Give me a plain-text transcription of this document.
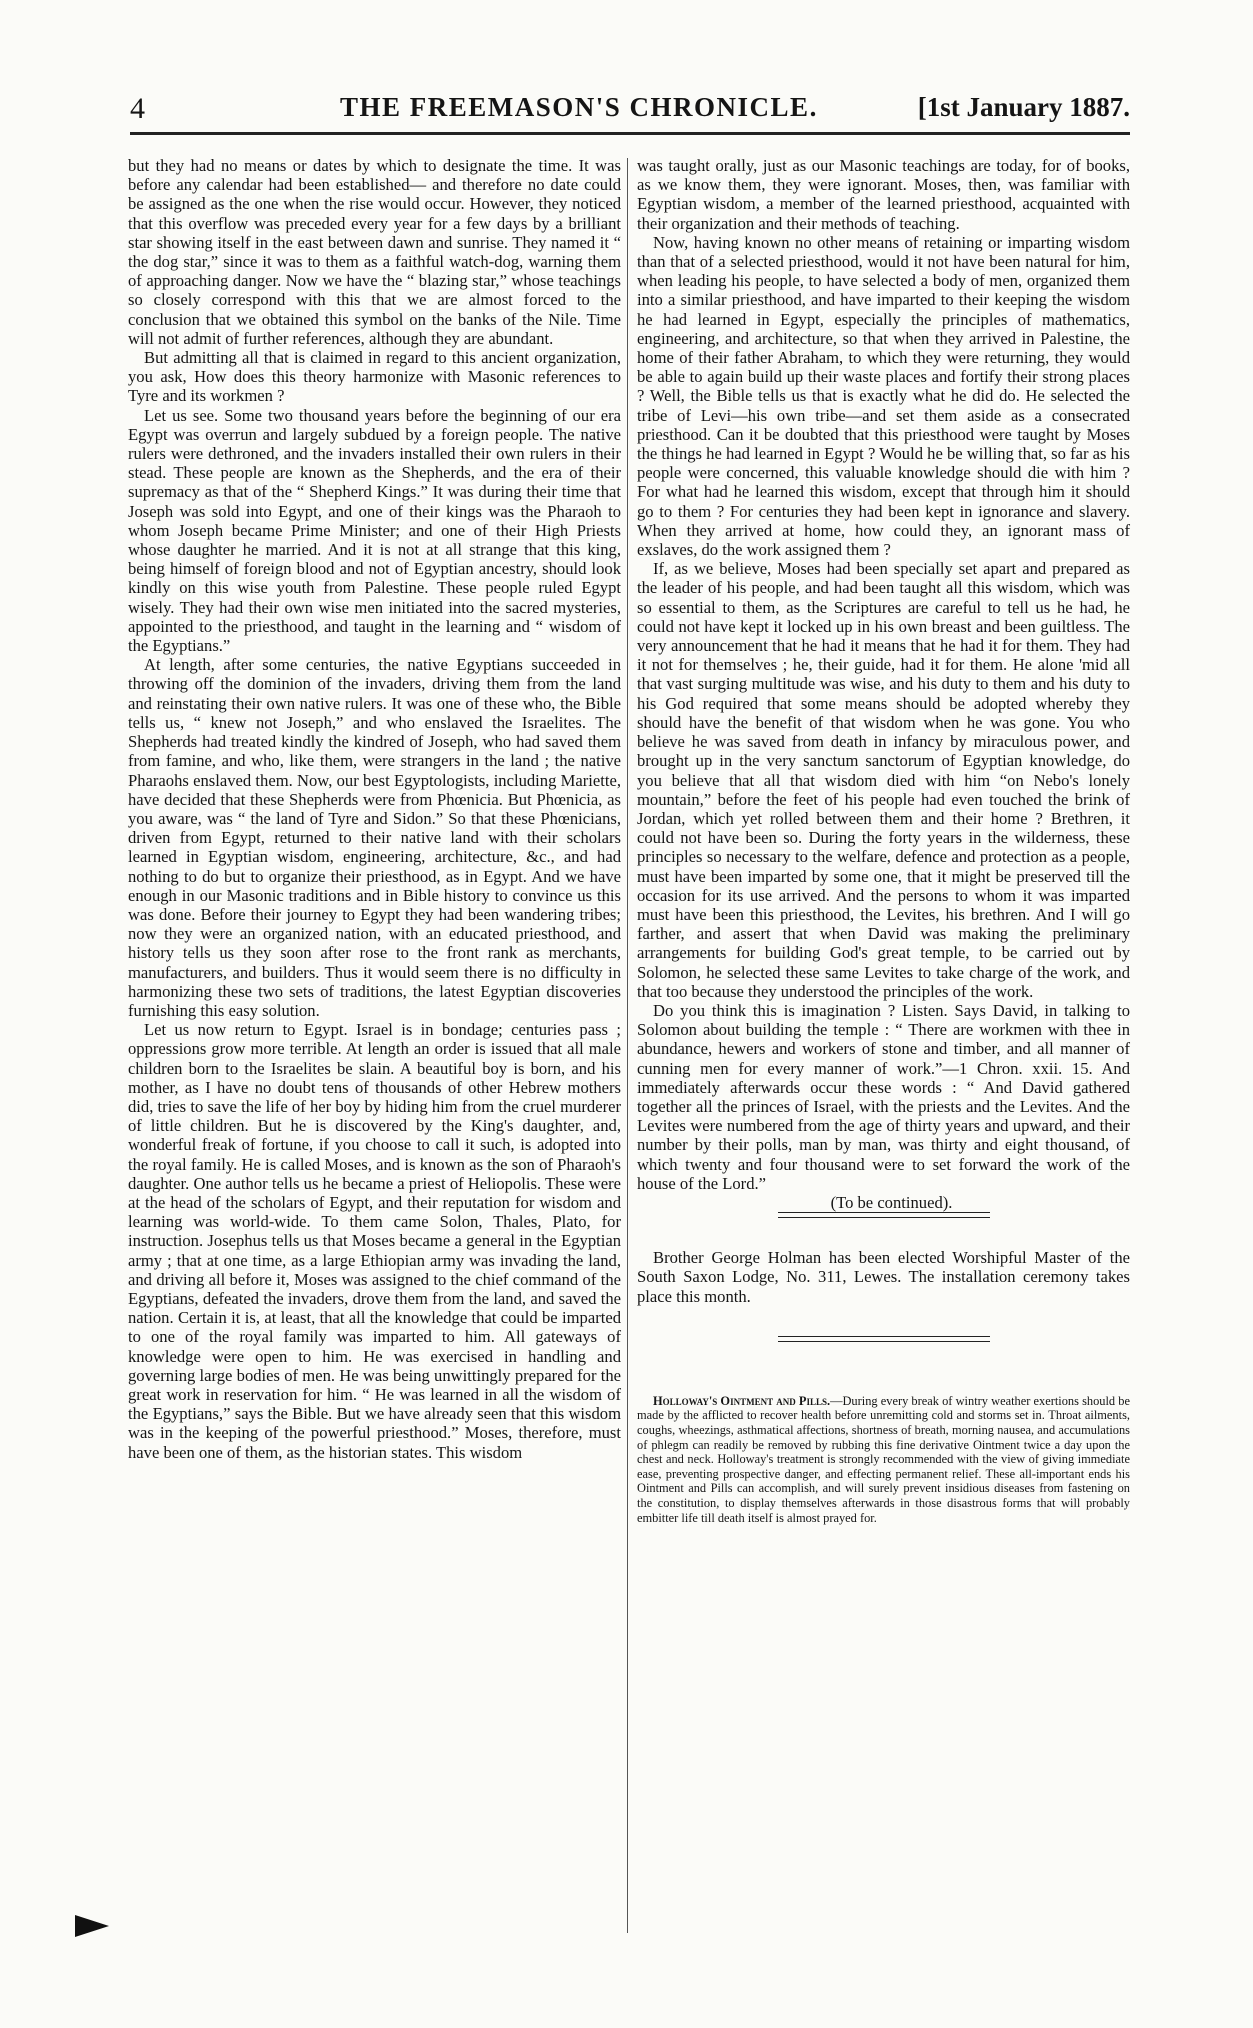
4	THE FREEMASON'S CHRONICLE.	[1st January 1887.

but they had no means or dates by which to designate the time. It was before any calendar had been established— and therefore no date could be assigned as the one when the rise would occur. However, they noticed that this overflow was preceded every year for a few days by a brilliant star showing itself in the east between dawn and sunrise. They named it “ the dog star,” since it was to them as a faithful watch-dog, warning them of approaching danger. Now we have the “ blazing star,” whose teachings so closely correspond with this that we are almost forced to the conclusion that we obtained this symbol on the banks of the Nile. Time will not admit of further references, although they are abundant.

But admitting all that is claimed in regard to this ancient organization, you ask, How does this theory harmonize with Masonic references to Tyre and its workmen ?

Let us see. Some two thousand years before the beginning of our era Egypt was overrun and largely subdued by a foreign people. The native rulers were dethroned, and the invaders installed their own rulers in their stead. These people are known as the Shepherds, and the era of their supremacy as that of the “ Shepherd Kings.” It was during their time that Joseph was sold into Egypt, and one of their kings was the Pharaoh to whom Joseph became Prime Minister; and one of their High Priests whose daughter he married. And it is not at all strange that this king, being himself of foreign blood and not of Egyptian ancestry, should look kindly on this wise youth from Palestine. These people ruled Egypt wisely. They had their own wise men initiated into the sacred mysteries, appointed to the priesthood, and taught in the learning and “ wisdom of the Egyptians.”

At length, after some centuries, the native Egyptians succeeded in throwing off the dominion of the invaders, driving them from the land and reinstating their own native rulers. It was one of these who, the Bible tells us, “ knew not Joseph,” and who enslaved the Israelites. The Shepherds had treated kindly the kindred of Joseph, who had saved them from famine, and who, like them, were strangers in the land ; the native Pharaohs enslaved them. Now, our best Egyptologists, including Mariette, have decided that these Shepherds were from Phœnicia. But Phœnicia, as you aware, was “ the land of Tyre and Sidon.” So that these Phœnicians, driven from Egypt, returned to their native land with their scholars learned in Egyptian wisdom, engineering, architecture, &c., and had nothing to do but to organize their priesthood, as in Egypt. And we have enough in our Masonic traditions and in Bible history to convince us this was done. Before their journey to Egypt they had been wandering tribes; now they were an organized nation, with an educated priesthood, and history tells us they soon after rose to the front rank as merchants, manufacturers, and builders. Thus it would seem there is no difficulty in harmonizing these two sets of traditions, the latest Egyptian discoveries furnishing this easy solution.

Let us now return to Egypt. Israel is in bondage; centuries pass ; oppressions grow more terrible. At length an order is issued that all male children born to the Israelites be slain. A beautiful boy is born, and his mother, as I have no doubt tens of thousands of other Hebrew mothers did, tries to save the life of her boy by hiding him from the cruel murderer of little children. But he is discovered by the King's daughter, and, wonderful freak of fortune, if you choose to call it such, is adopted into the royal family. He is called Moses, and is known as the son of Pharaoh's daughter. One author tells us he became a priest of Heliopolis. These were at the head of the scholars of Egypt, and their reputation for wisdom and learning was world-wide. To them came Solon, Thales, Plato, for instruction. Josephus tells us that Moses became a general in the Egyptian army ; that at one time, as a large Ethiopian army was invading the land, and driving all before it, Moses was assigned to the chief command of the Egyptians, defeated the invaders, drove them from the land, and saved the nation. Certain it is, at least, that all the knowledge that could be imparted to one of the royal family was imparted to him. All gateways of knowledge were open to him. He was exercised in handling and governing large bodies of men. He was being unwittingly prepared for the great work in reservation for him. “ He was learned in all the wisdom of the Egyptians,” says the Bible. But we have already seen that this wisdom was in the keeping of the powerful priesthood.” Moses, therefore, must have been one of them, as the historian states. This wisdom

was taught orally, just as our Masonic teachings are today, for of books, as we know them, they were ignorant. Moses, then, was familiar with Egyptian wisdom, a member of the learned priesthood, acquainted with their organization and their methods of teaching.

Now, having known no other means of retaining or imparting wisdom than that of a selected priesthood, would it not have been natural for him, when leading his people, to have selected a body of men, organized them into a similar priesthood, and have imparted to their keeping the wisdom he had learned in Egypt, especially the principles of mathematics, engineering, and architecture, so that when they arrived in Palestine, the home of their father Abraham, to which they were returning, they would be able to again build up their waste places and fortify their strong places ? Well, the Bible tells us that is exactly what he did do. He selected the tribe of Levi—his own tribe—and set them aside as a consecrated priesthood. Can it be doubted that this priesthood were taught by Moses the things he had learned in Egypt ? Would he be willing that, so far as his people were concerned, this valuable knowledge should die with him ? For what had he learned this wisdom, except that through him it should go to them ? For centuries they had been kept in ignorance and slavery. When they arrived at home, how could they, an ignorant mass of exslaves, do the work assigned them ?

If, as we believe, Moses had been specially set apart and prepared as the leader of his people, and had been taught all this wisdom, which was so essential to them, as the Scriptures are careful to tell us he had, he could not have kept it locked up in his own breast and been guiltless. The very announcement that he had it means that he had it for them. They had it not for themselves ; he, their guide, had it for them. He alone 'mid all that vast surging multitude was wise, and his duty to them and his duty to his God required that some means should be adopted whereby they should have the benefit of that wisdom when he was gone. You who believe he was saved from death in infancy by miraculous power, and brought up in the very sanctum sanctorum of Egyptian knowledge, do you believe that all that wisdom died with him “on Nebo's lonely mountain,” before the feet of his people had even touched the brink of Jordan, which yet rolled between them and their home ? Brethren, it could not have been so. During the forty years in the wilderness, these principles so necessary to the welfare, defence and protection as a people, must have been imparted by some one, that it might be preserved till the occasion for its use arrived. And the persons to whom it was imparted must have been this priesthood, the Levites, his brethren. And I will go farther, and assert that when David was making the preliminary arrangements for building God's great temple, to be carried out by Solomon, he selected these same Levites to take charge of the work, and that too because they understood the principles of the work.

Do you think this is imagination ? Listen. Says David, in talking to Solomon about building the temple : “ There are workmen with thee in abundance, hewers and workers of stone and timber, and all manner of cunning men for every manner of work.”—1 Chron. xxii. 15. And immediately afterwards occur these words : “ And David gathered together all the princes of Israel, with the priests and the Levites. And the Levites were numbered from the age of thirty years and upward, and their number by their polls, man by man, was thirty and eight thousand, of which twenty and four thousand were to set forward the work of the house of the Lord.”

(To be continued).

Brother George Holman has been elected Worshipful Master of the South Saxon Lodge, No. 311, Lewes. The installation ceremony takes place this month.

Holloway's Ointment and Pills.—During every break of wintry weather exertions should be made by the afflicted to recover health before unremitting cold and storms set in. Throat ailments, coughs, wheezings, asthmatical affections, shortness of breath, morning nausea, and accumulations of phlegm can readily be removed by rubbing this fine derivative Ointment twice a day upon the chest and neck. Holloway's treatment is strongly recommended with the view of giving immediate ease, preventing prospective danger, and effecting permanent relief. These all-important ends his Ointment and Pills can accomplish, and will surely prevent insidious diseases from fastening on the constitution, to display themselves afterwards in those disastrous forms that will probably embitter life till death itself is almost prayed for.
